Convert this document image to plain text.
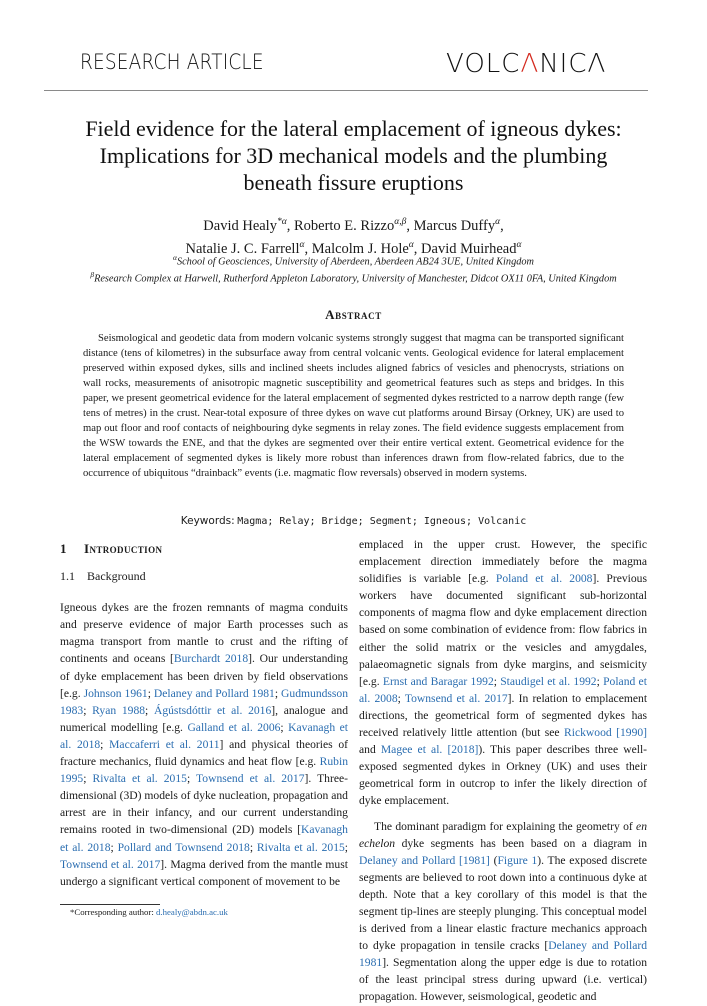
RESEARCH ARTICLE	VOLCΛNICΛ
Field evidence for the lateral emplacement of igneous dykes:
Implications for 3D mechanical models and the plumbing
beneath fissure eruptions
David Healy$^{*\alpha}$, Roberto E. Rizzo$^{\alpha,\beta}$, Marcus Duffy$^\alpha$,
Natalie J. C. Farrell$^\alpha$, Malcolm J. Hole$^\alpha$, David Muirhead$^\alpha$
$^\alpha$School of Geosciences, University of Aberdeen, Aberdeen AB24 3UE, United Kingdom
$^\beta$Research Complex at Harwell, Rutherford Appleton Laboratory, University of Manchester, Didcot OX11 0FA, United Kingdom
Abstract
Seismological and geodetic data from modern volcanic systems strongly suggest that magma can be transported significant distance (tens of kilometres) in the subsurface away from central volcanic vents. Geological evidence for lateral emplacement preserved within exposed dykes, sills and inclined sheets includes aligned fabrics of vesicles and phenocrysts, striations on wall rocks, measurements of anisotropic magnetic susceptibility and geometrical features such as steps and bridges. In this paper, we present geometrical evidence for the lateral emplacement of segmented dykes restricted to a narrow depth range (few tens of metres) in the crust. Near-total exposure of three dykes on wave cut platforms around Birsay (Orkney, UK) are used to map out floor and roof contacts of neighbouring dyke segments in relay zones. The field evidence suggests emplacement from the WSW towards the ENE, and that the dykes are segmented over their entire vertical extent. Geometrical evidence for the lateral emplacement of segmented dykes is likely more robust than inferences drawn from flow-related fabrics, due to the occurrence of ubiquitous “drainback” events (i.e. magmatic flow reversals) observed in modern systems.
Keywords: Magma; Relay; Bridge; Segment; Igneous; Volcanic
1 Introduction
1.1 Background

Igneous dykes are the frozen remnants of magma conduits and preserve evidence of major Earth processes such as magma transport from mantle to crust and the rifting of continents and oceans [Burchardt 2018]. Our understanding of dyke emplacement has been driven by field observations [e.g. Johnson 1961; Delaney and Pollard 1981; Gudmundsson 1983; Ryan 1988; Ágústsdóttir et al. 2016], analogue and numerical modelling [e.g. Galland et al. 2006; Kavanagh et al. 2018; Maccaferri et al. 2011] and physical theories of fracture mechanics, fluid dynamics and heat flow [e.g. Rubin 1995; Rivalta et al. 2015; Townsend et al. 2017]. Three-dimensional (3D) models of dyke nucleation, propagation and arrest are in their infancy, and our current understanding remains rooted in two-dimensional (2D) models [Kavanagh et al. 2018; Pollard and Townsend 2018; Rivalta et al. 2015; Townsend et al. 2017]. Magma derived from the mantle must undergo a significant vertical component of movement to be

emplaced in the upper crust. However, the specific emplacement direction immediately before the magma solidifies is variable [e.g. Poland et al. 2008]. Previous workers have documented significant sub-horizontal components of magma flow and dyke emplacement direction based on some combination of evidence from: flow fabrics in either the solid matrix or the vesicles and amygdales, palaeomagnetic signals from dyke margins, and seismicity [e.g. Ernst and Baragar 1992; Staudigel et al. 1992; Poland et al. 2008; Townsend et al. 2017]. In relation to emplacement directions, the geometrical form of segmented dykes has received relatively little attention (but see Rickwood [1990] and Magee et al. [2018]). This paper describes three well-exposed segmented dykes in Orkney (UK) and uses their geometrical form in outcrop to infer the likely direction of dyke emplacement.

The dominant paradigm for explaining the geometry of en echelon dyke segments has been based on a diagram in Delaney and Pollard [1981] (Figure 1). The exposed discrete segments are believed to root down into a continuous dyke at depth. Note that a key corollary of this model is that the segment tip-lines are steeply plunging. This conceptual model is derived from a linear elastic fracture mechanics approach to dyke propagation in tensile cracks [Delaney and Pollard 1981]. Segmentation along the upper edge is due to rotation of the least principal stress during upward (i.e. vertical) propagation. However, seismological, geodetic and

*Corresponding author: d.healy@abdn.ac.uk
